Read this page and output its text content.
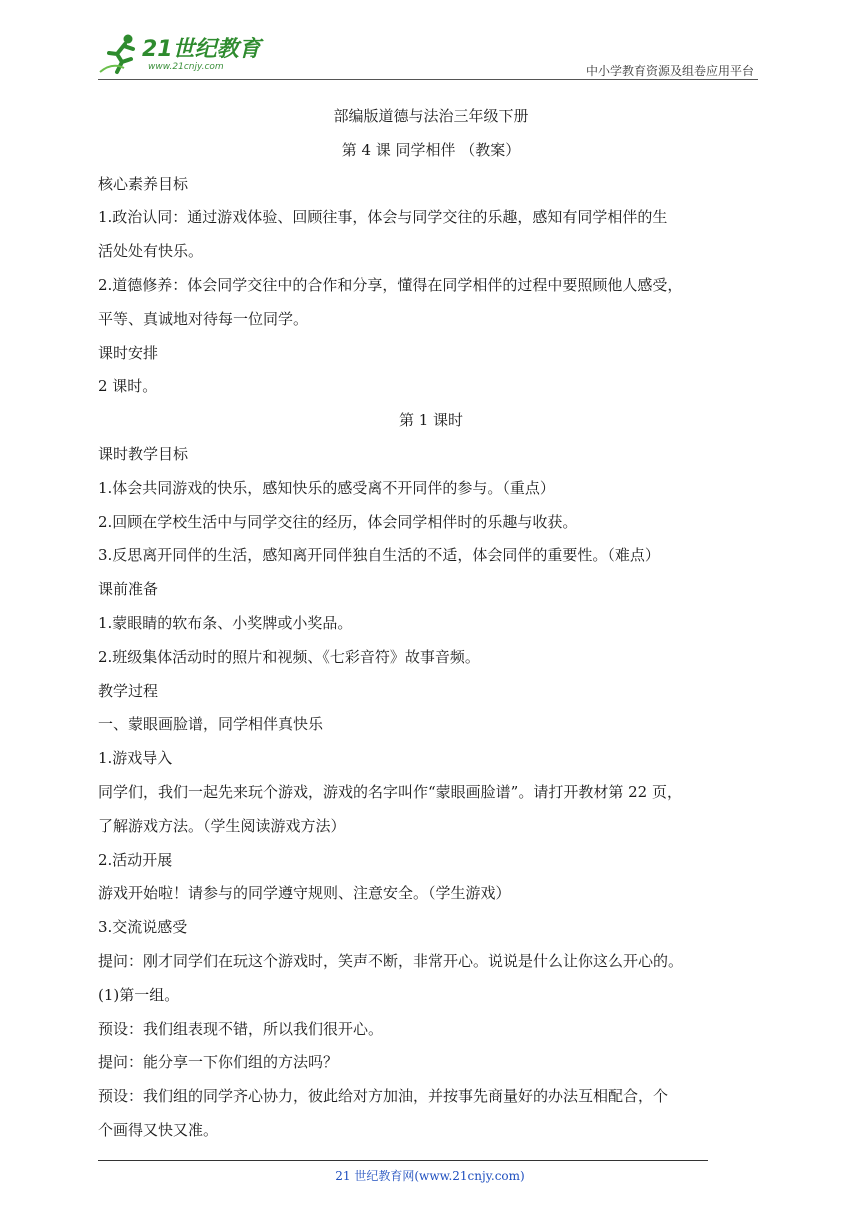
21世纪教育
www.21cnjy.com	中小学教育资源及组卷应用平台
部编版道德与法治三年级下册
第 4 课 同学相伴 （教案）
核心素养目标
1.政治认同：通过游戏体验、回顾往事，体会与同学交往的乐趣，感知有同学相伴的生
活处处有快乐。
2.道德修养：体会同学交往中的合作和分享，懂得在同学相伴的过程中要照顾他人感受，
平等、真诚地对待每一位同学。
课时安排
2 课时。
第 1 课时
课时教学目标
1.体会共同游戏的快乐，感知快乐的感受离不开同伴的参与。（重点）
2.回顾在学校生活中与同学交往的经历，体会同学相伴时的乐趣与收获。
3.反思离开同伴的生活，感知离开同伴独自生活的不适，体会同伴的重要性。（难点）
课前准备
1.蒙眼睛的软布条、小奖牌或小奖品。
2.班级集体活动时的照片和视频、《七彩音符》故事音频。
教学过程
一、蒙眼画脸谱，同学相伴真快乐
1.游戏导入
同学们，我们一起先来玩个游戏，游戏的名字叫作“蒙眼画脸谱”。请打开教材第 22 页，
了解游戏方法。（学生阅读游戏方法）
2.活动开展
游戏开始啦！请参与的同学遵守规则、注意安全。（学生游戏）
3.交流说感受
提问：刚才同学们在玩这个游戏时，笑声不断，非常开心。说说是什么让你这么开心的。
(1)第一组。
预设：我们组表现不错，所以我们很开心。
提问：能分享一下你们组的方法吗？
预设：我们组的同学齐心协力，彼此给对方加油，并按事先商量好的办法互相配合，个
个画得又快又准。
21 世纪教育网(www.21cnjy.com)
